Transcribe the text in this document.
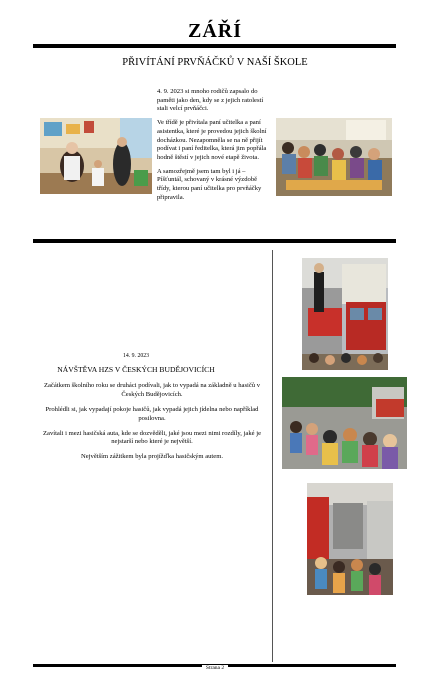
ZÁŘÍ
PŘIVÍTÁNÍ PRVŇÁČKŮ V NAŠÍ ŠKOLE

4. 9. 2023 si mnoho rodičů zapsalo do paměti jako den, kdy se z jejich ratolestí stali velcí prvňáčci.

Ve třídě je přivítala paní učitelka a paní asistentka, které je provedou jejich školní docházkou. Nezapomněla se na ně přijít podívat i paní ředitelka, která jim popřála hodně štěstí v jejich nové etapě života.

A samozřejmě jsem tam byl i já – Píšťuntál, schovaný v krásné výzdobě třídy, kterou paní učitelka pro prvňáčky připravila.

14. 9. 2023
NÁVŠTĚVA HZS V ČESKÝCH BUDĚJOVICÍCH

Začátkem školního roku se druháci podívali, jak to vypadá na základně u hasičů v Českých Budějovicích.

Prohlédli si, jak vypadají pokoje hasičů, jak vypadá jejich jídelna nebo například posilovna.

Zavítali i mezi hasičská auta, kde se dozvěděli, jaké jsou mezi nimi rozdíly, jaké je nejstarší nebo které je největší.

Největším zážitkem byla projížďka hasičským autem.

Strana 2
